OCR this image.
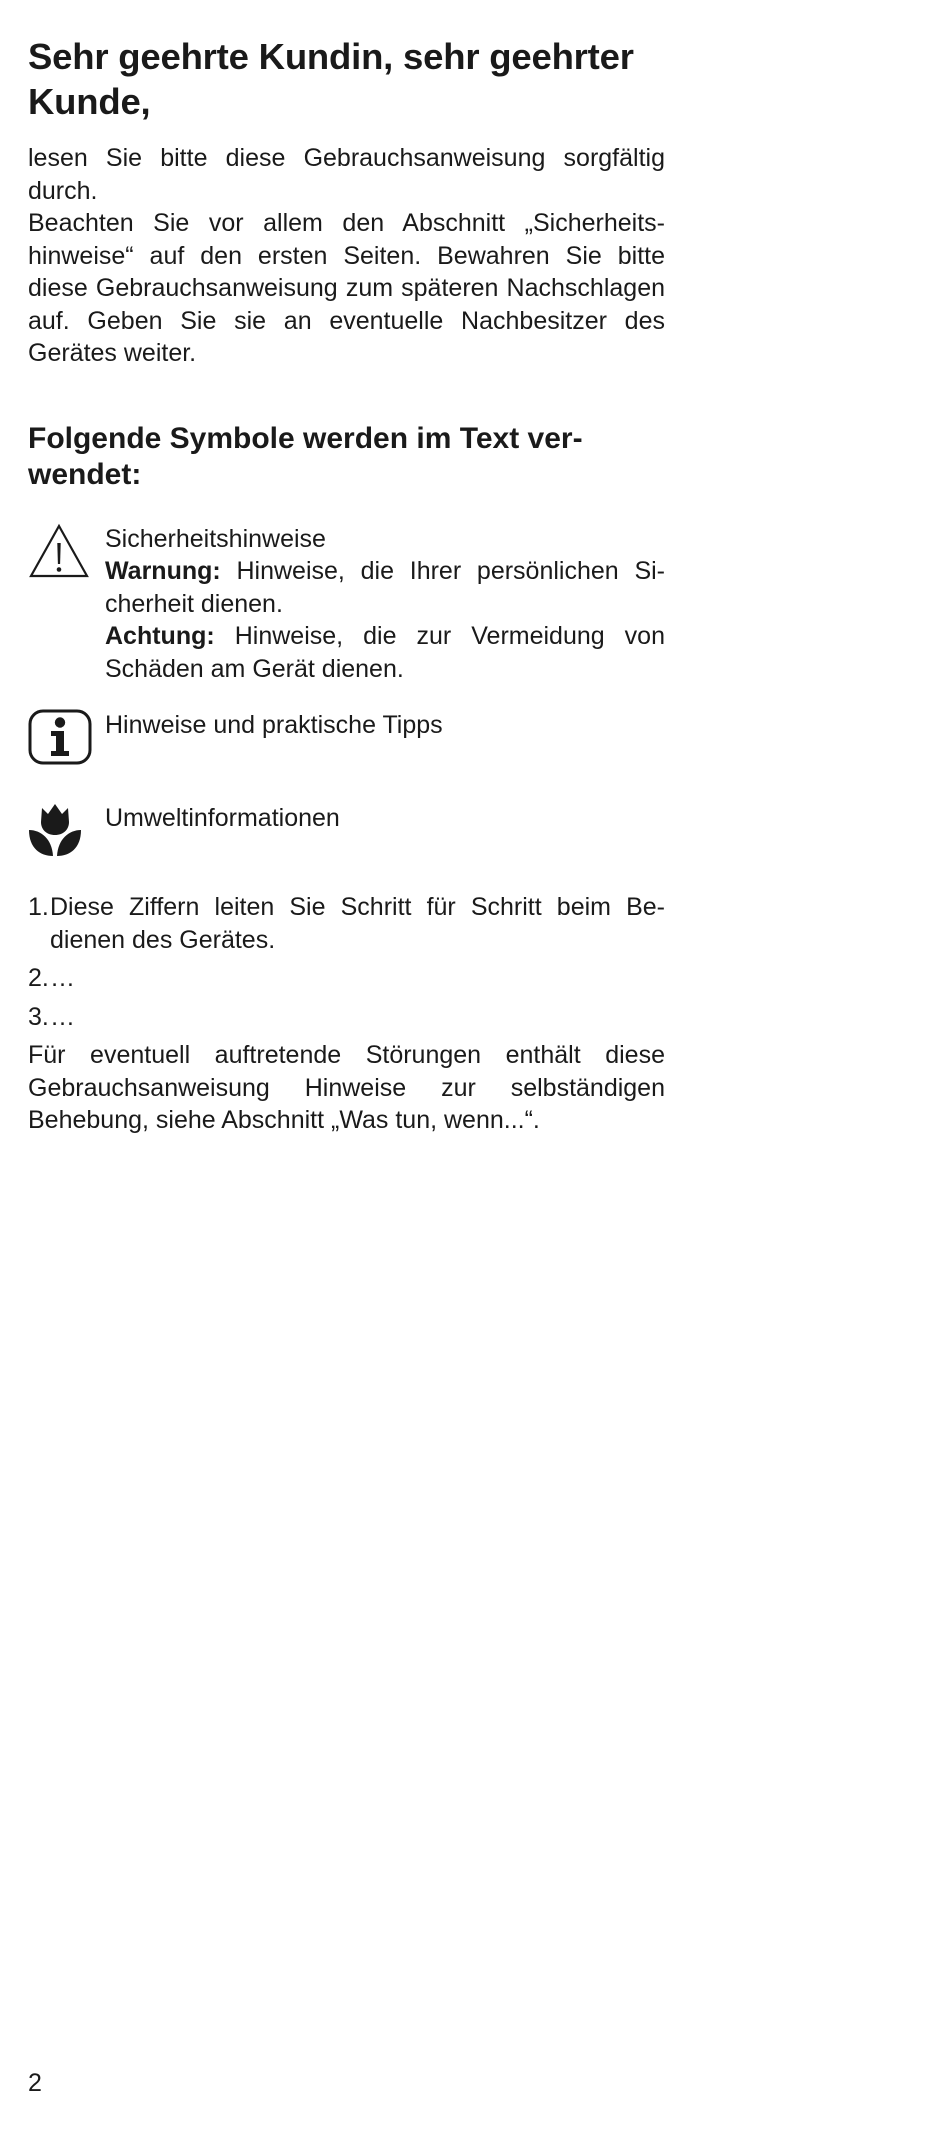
Sehr geehrte Kundin, sehr geehrter Kunde,

lesen Sie bitte diese Gebrauchsanweisung sorgfältig durch.

Beachten Sie vor allem den Abschnitt „Sicherheitshinweise“ auf den ersten Seiten. Bewahren Sie bitte diese Gebrauchsanweisung zum späteren Nachschlagen auf. Geben Sie sie an eventuelle Nachbesitzer des Gerätes weiter.

Folgende Symbole werden im Text verwendet:
Sicherheitshinweise
Warnung: Hinweise, die Ihrer persönlichen Sicherheit dienen.
Achtung: Hinweise, die zur Vermeidung von Schäden am Gerät dienen.
Hinweise und praktische Tipps
Umweltinformationen
1. Diese Ziffern leiten Sie Schritt für Schritt beim Bedienen des Gerätes.
2. …
3. …

Für eventuell auftretende Störungen enthält diese Gebrauchsanweisung Hinweise zur selbständigen Behebung, siehe Abschnitt „Was tun, wenn...“.

2
